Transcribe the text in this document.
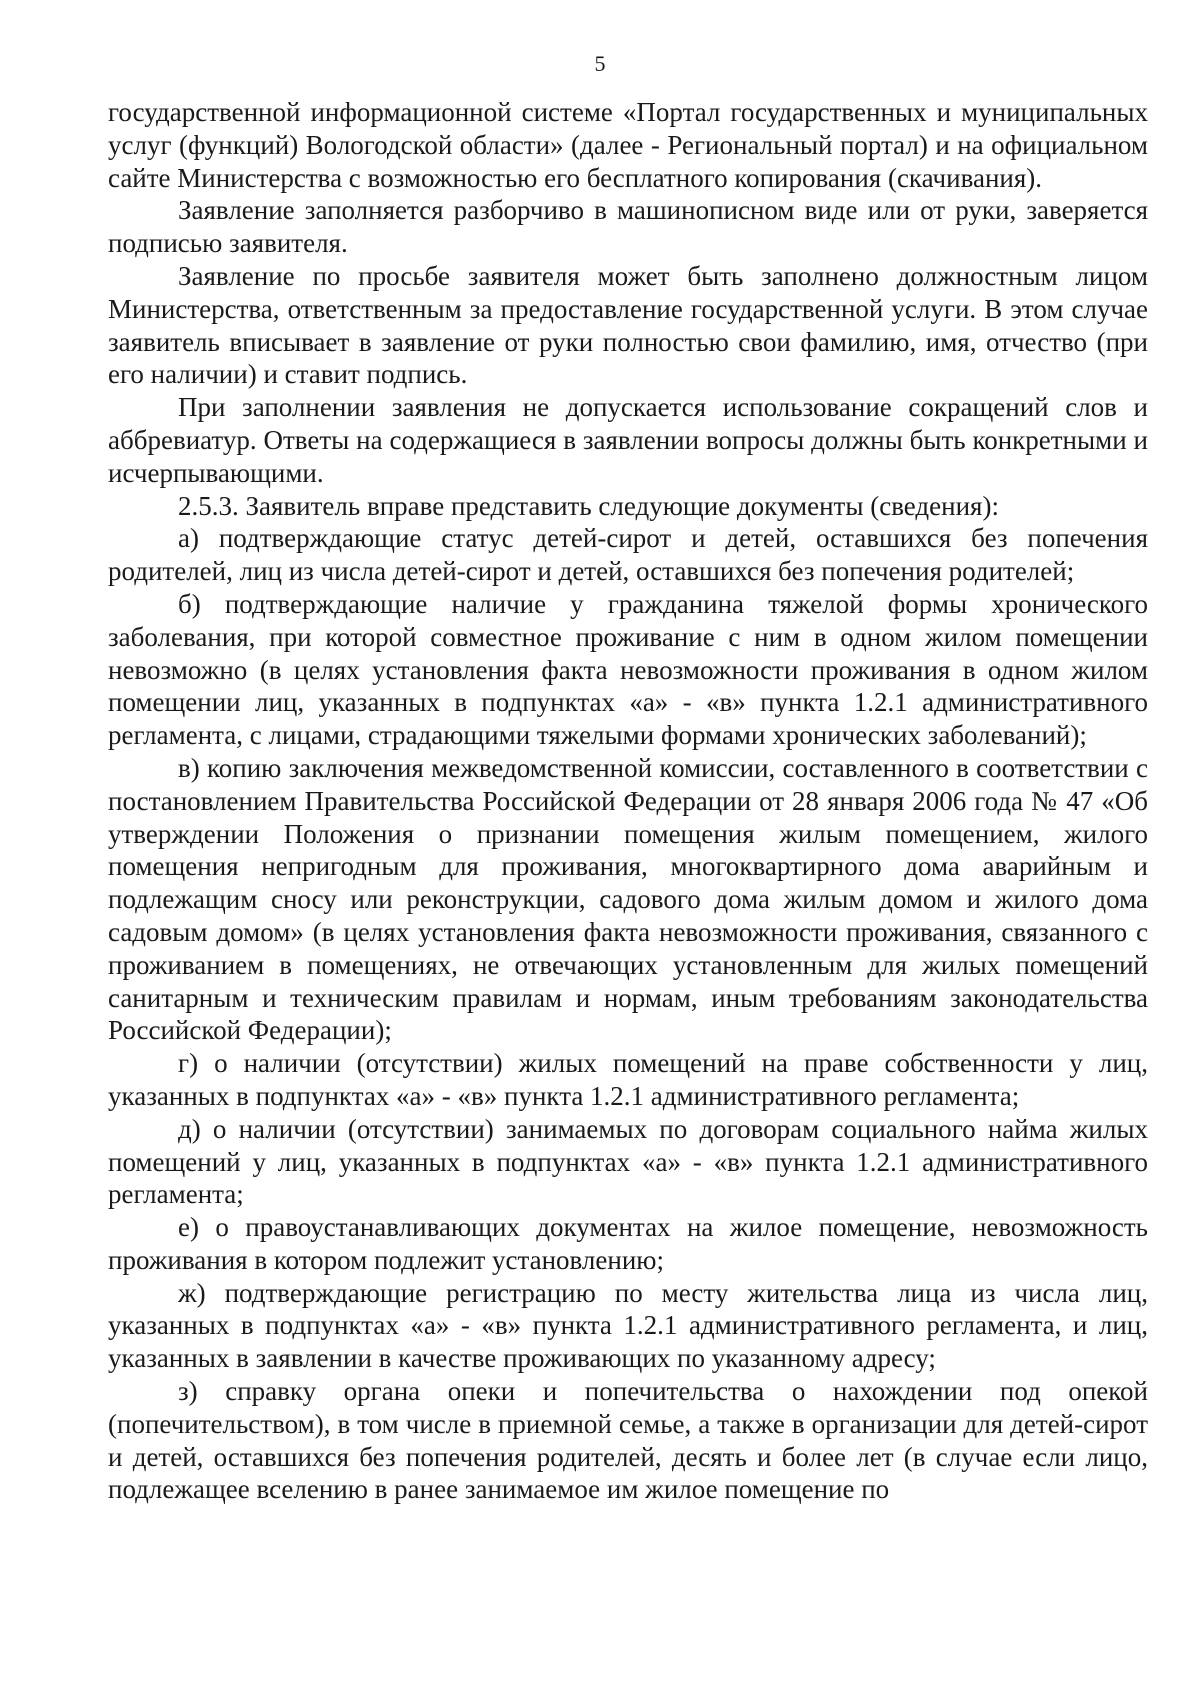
5

государственной информационной системе «Портал государственных и муниципальных услуг (функций) Вологодской области» (далее - Региональный портал) и на официальном сайте Министерства с возможностью его бесплатного копирования (скачивания).

Заявление заполняется разборчиво в машинописном виде или от руки, заверяется подписью заявителя.

Заявление по просьбе заявителя может быть заполнено должностным лицом Министерства, ответственным за предоставление государственной услуги. В этом случае заявитель вписывает в заявление от руки полностью свои фамилию, имя, отчество (при его наличии) и ставит подпись.

При заполнении заявления не допускается использование сокращений слов и аббревиатур. Ответы на содержащиеся в заявлении вопросы должны быть конкретными и исчерпывающими.

2.5.3. Заявитель вправе представить следующие документы (сведения):

а) подтверждающие статус детей-сирот и детей, оставшихся без попечения родителей, лиц из числа детей-сирот и детей, оставшихся без попечения родителей;

б) подтверждающие наличие у гражданина тяжелой формы хронического заболевания, при которой совместное проживание с ним в одном жилом помещении невозможно (в целях установления факта невозможности проживания в одном жилом помещении лиц, указанных в подпунктах «а» - «в» пункта 1.2.1 административного регламента, с лицами, страдающими тяжелыми формами хронических заболеваний);

в) копию заключения межведомственной комиссии, составленного в соответствии с постановлением Правительства Российской Федерации от 28 января 2006 года № 47 «Об утверждении Положения о признании помещения жилым помещением, жилого помещения непригодным для проживания, многоквартирного дома аварийным и подлежащим сносу или реконструкции, садового дома жилым домом и жилого дома садовым домом» (в целях установления факта невозможности проживания, связанного с проживанием в помещениях, не отвечающих установленным для жилых помещений санитарным и техническим правилам и нормам, иным требованиям законодательства Российской Федерации);

г) о наличии (отсутствии) жилых помещений на праве собственности у лиц, указанных в подпунктах «а» - «в» пункта 1.2.1 административного регламента;

д) о наличии (отсутствии) занимаемых по договорам социального найма жилых помещений у лиц, указанных в подпунктах «а» - «в» пункта 1.2.1 административного регламента;

е) о правоустанавливающих документах на жилое помещение, невозможность проживания в котором подлежит установлению;

ж) подтверждающие регистрацию по месту жительства лица из числа лиц, указанных в подпунктах «а» - «в» пункта 1.2.1 административного регламента, и лиц, указанных в заявлении в качестве проживающих по указанному адресу;

з) справку органа опеки и попечительства о нахождении под опекой (попечительством), в том числе в приемной семье, а также в организации для детей-сирот и детей, оставшихся без попечения родителей, десять и более лет (в случае если лицо, подлежащее вселению в ранее занимаемое им жилое помещение по
